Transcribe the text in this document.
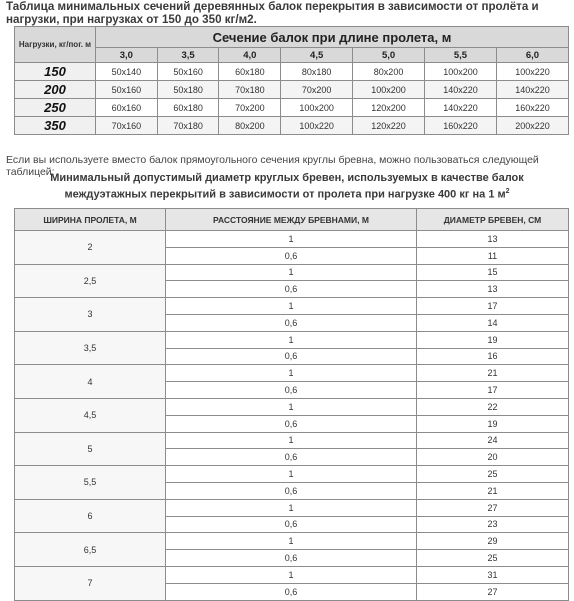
Таблица минимальных сечений деревянных балок перекрытия в зависимости от пролёта и нагрузки, при нагрузках от 150 до 350 кг/м2.
Нагрузки, кг/пог. м	Сечение балок при длине пролета, м						
	3,0	3,5	4,0	4,5	5,0	5,5	6,0
150	50x140	50x160	60x180	80x180	80x200	100x200	100x220
200	50x160	50x180	70x180	70x200	100x200	140x220	140x220
250	60x160	60x180	70x200	100x200	120x200	140x220	160x220
350	70x160	70x180	80x200	100x220	120x220	160x220	200x220
Если вы используете вместо балок прямоугольного сечения круглы бревна, можно пользоваться следующей таблицей:
Минимальный допустимый диаметр круглых бревен, используемых в качестве балок междуэтажных перекрытий в зависимости от пролета при нагрузке 400 кг на 1 $м^2$
ШИРИНА ПРОЛЕТА, М	РАССТОЯНИЕ МЕЖДУ БРЕВНАМИ, М	ДИАМЕТР БРЕВЕН, СМ
2	1	13
	0,6	11
2,5	1	15
	0,6	13
3	1	17
	0,6	14
3,5	1	19
	0,6	16
4	1	21
	0,6	17
4,5	1	22
	0,6	19
5	1	24
	0,6	20
5,5	1	25
	0,6	21
6	1	27
	0,6	23
6,5	1	29
	0,6	25
7	1	31
	0,6	27
